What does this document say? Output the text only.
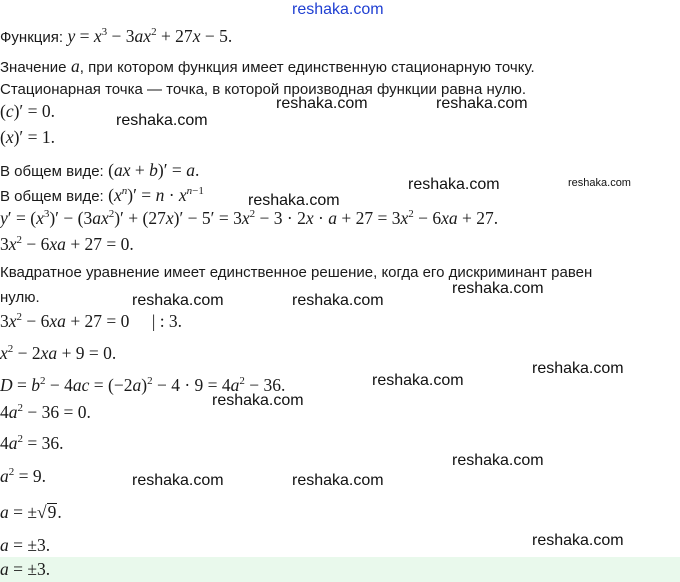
reshaka.com
reshaka.com	reshaka.com
reshaka.com
reshaka.com	reshaka.com
reshaka.com
reshaka.com
reshaka.com	reshaka.com
reshaka.com
reshaka.com
reshaka.com
reshaka.com
reshaka.com	reshaka.com
reshaka.com
Функция: $y = x^3 - 3ax^2 + 27x - 5$.
Значение a, при котором функция имеет единственную стационарную точку.
Стационарная точка — точка, в которой производная функции равна нулю.
(c)′ = 0.
(x)′ = 1.
В общем виде: (ax + b)′ = a.
В общем виде: $(x^n)' = n \cdot x^{n-1}$
$y' = (x^3)' - (3ax^2)' + (27x)' - 5' = 3x^2 - 3 \cdot 2x \cdot a + 27 = 3x^2 - 6xa + 27$.
$3x^2 - 6xa + 27 = 0$.
Квадратное уравнение имеет единственное решение, когда его дискриминант равен
нулю.
$3x^2 - 6xa + 27 = 0$ | : 3.
$x^2 - 2xa + 9 = 0$.
$D = b^2 - 4ac = (-2a)^2 - 4 \cdot 9 = 4a^2 - 36$.
$4a^2 - 36 = 0$.
$4a^2 = 36$.
$a^2 = 9$.
a = ±√9.
a = ±3.
a = ±3.
